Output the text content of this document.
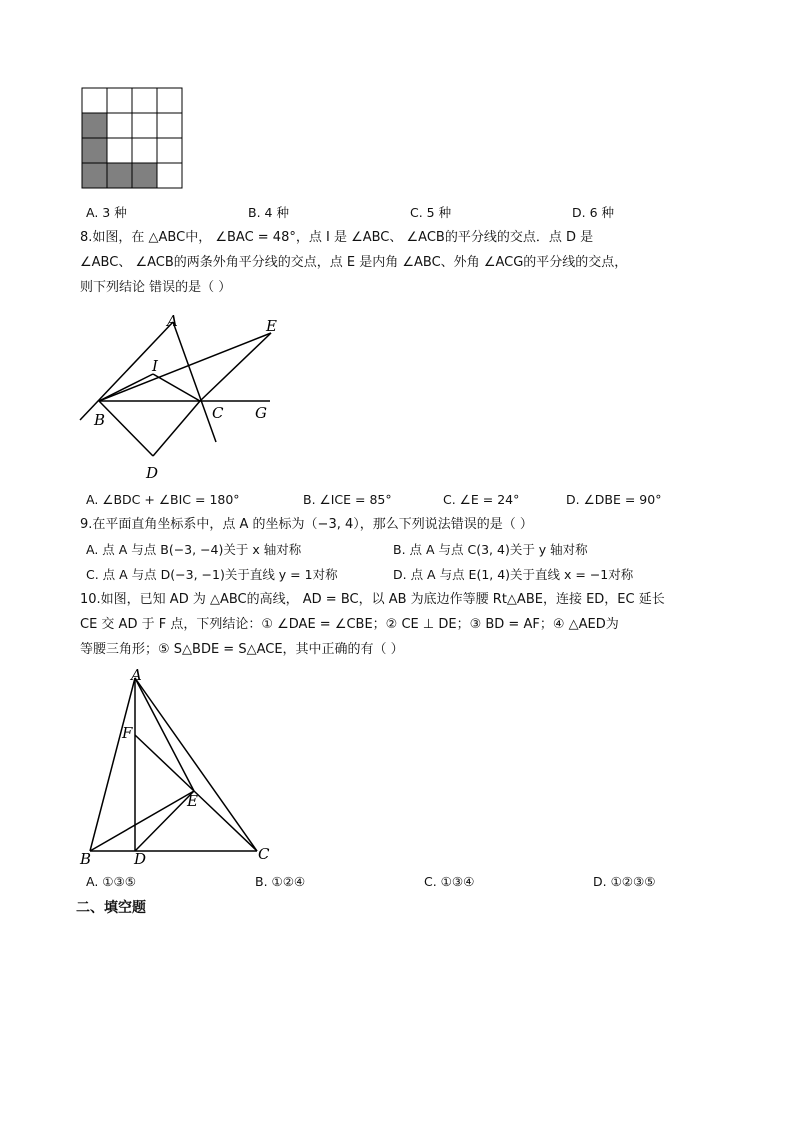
A. 3 种	B. 4 种	C. 5 种	D. 6 种
8.如图，在 △ABC中， ∠BAC = 48°，点 I 是 ∠ABC、 ∠ACB的平分线的交点．点 D 是
∠ABC、 ∠ACB的两条外角平分线的交点，点 E 是内角 ∠ABC、外角 ∠ACG的平分线的交点，
则下列结论 错误的是（ ）
A	E
I
B	C G
D
A. ∠BDC + ∠BIC = 180°	B. ∠ICE = 85°	C. ∠E = 24°	D. ∠DBE = 90°
9.在平面直角坐标系中，点 A 的坐标为（−3, 4），那么下列说法错误的是（ ）
A. 点 A 与点 B(−3, −4)关于 x 轴对称	B. 点 A 与点 C(3, 4)关于 y 轴对称
C. 点 A 与点 D(−3, −1)关于直线 y = 1对称	D. 点 A 与点 E(1, 4)关于直线 x = −1对称
10.如图，已知 AD 为 △ABC的高线， AD = BC，以 AB 为底边作等腰 Rt△ABE，连接 ED，EC 延长
CE 交 AD 于 F 点，下列结论：① ∠DAE = ∠CBE；② CE ⊥ DE；③ BD = AF；④ △AED为
等腰三角形；⑤ S△BDE = S△ACE，其中正确的有（ ）
A
F
E
B	D	C
A. ①③⑤	B. ①②④	C. ①③④	D. ①②③⑤
二、填空题
